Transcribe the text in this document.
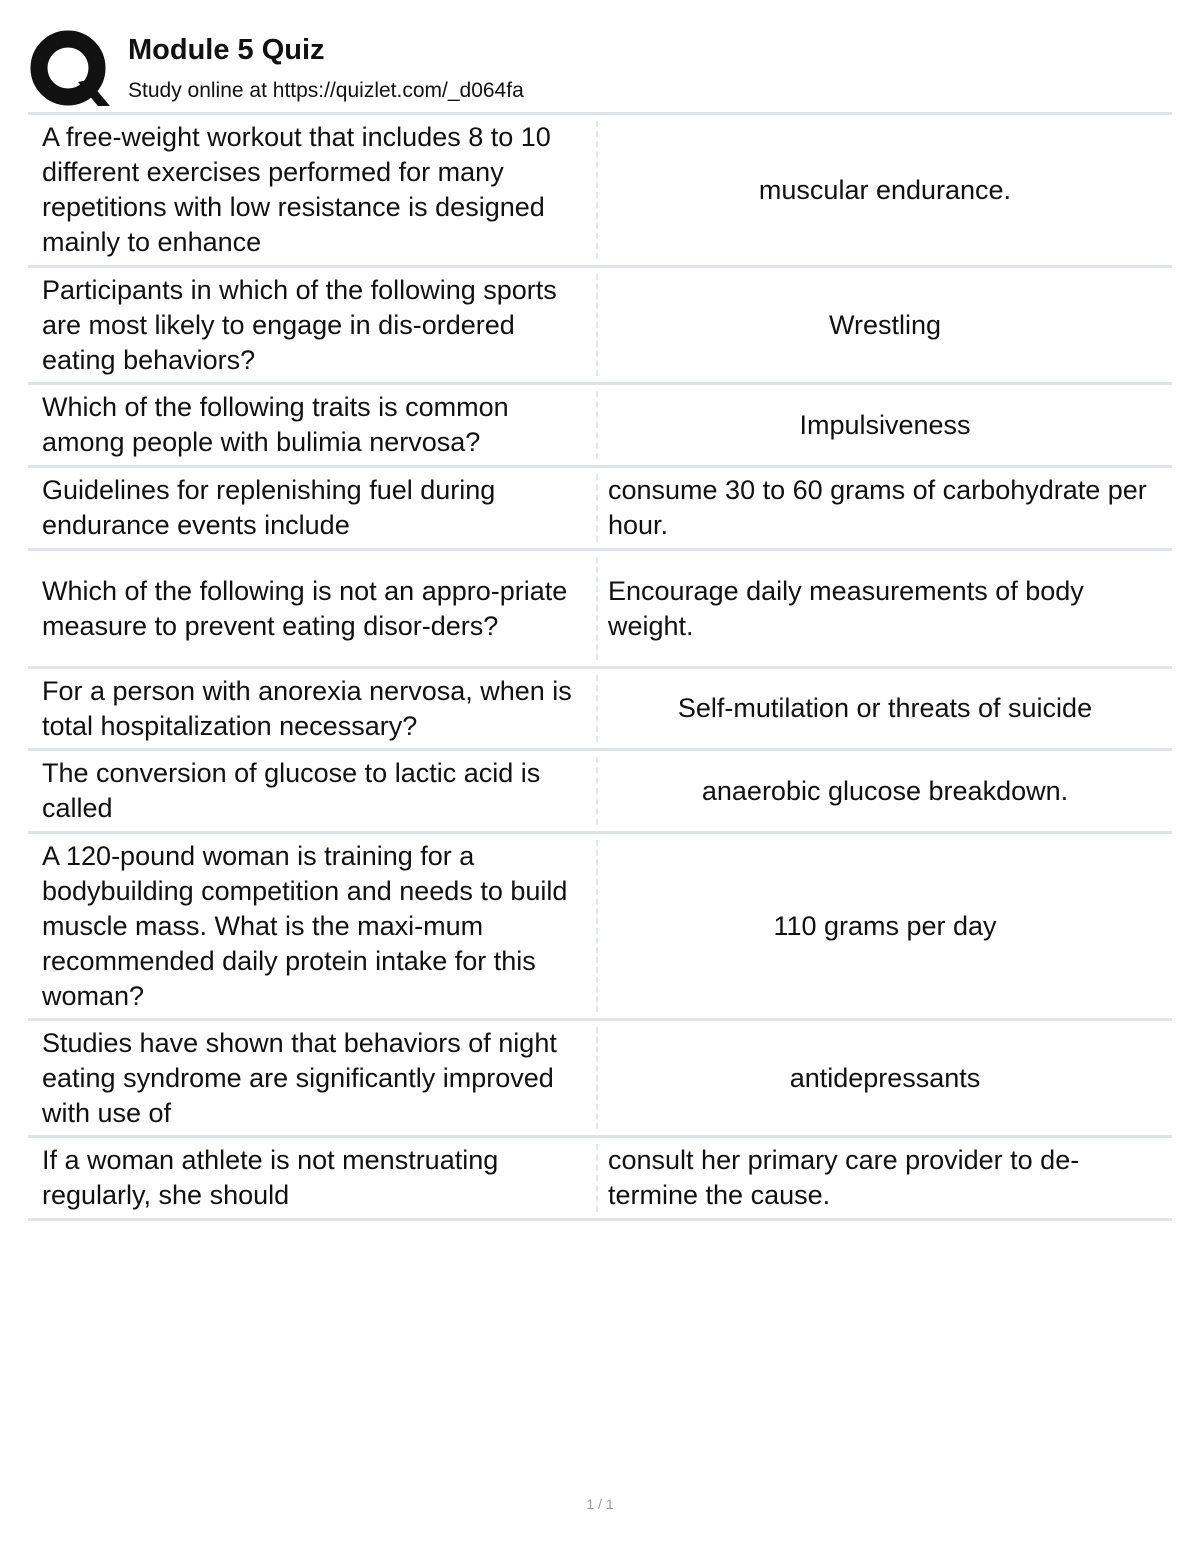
Module 5 Quiz
Study online at https://quizlet.com/_d064fa
A free-weight workout that includes 8 to 10 different exercises performed for many repetitions with low resistance is designed mainly to enhance
muscular endurance.
Participants in which of the following sports are most likely to engage in dis-ordered eating behaviors?
Wrestling
Which of the following traits is common among people with bulimia nervosa?
Impulsiveness
Guidelines for replenishing fuel during endurance events include
consume 30 to 60 grams of carbohydrate per hour.
Which of the following is not an appro-priate measure to prevent eating disor-ders?
Encourage daily measurements of body weight.
For a person with anorexia nervosa, when is total hospitalization necessary?
Self-mutilation or threats of suicide
The conversion of glucose to lactic acid is called
anaerobic glucose breakdown.
A 120-pound woman is training for a bodybuilding competition and needs to build muscle mass. What is the maxi-mum recommended daily protein intake for this woman?
110 grams per day
Studies have shown that behaviors of night eating syndrome are significantly improved with use of
antidepressants
If a woman athlete is not menstruating regularly, she should
consult her primary care provider to de-termine the cause.
1 / 1
